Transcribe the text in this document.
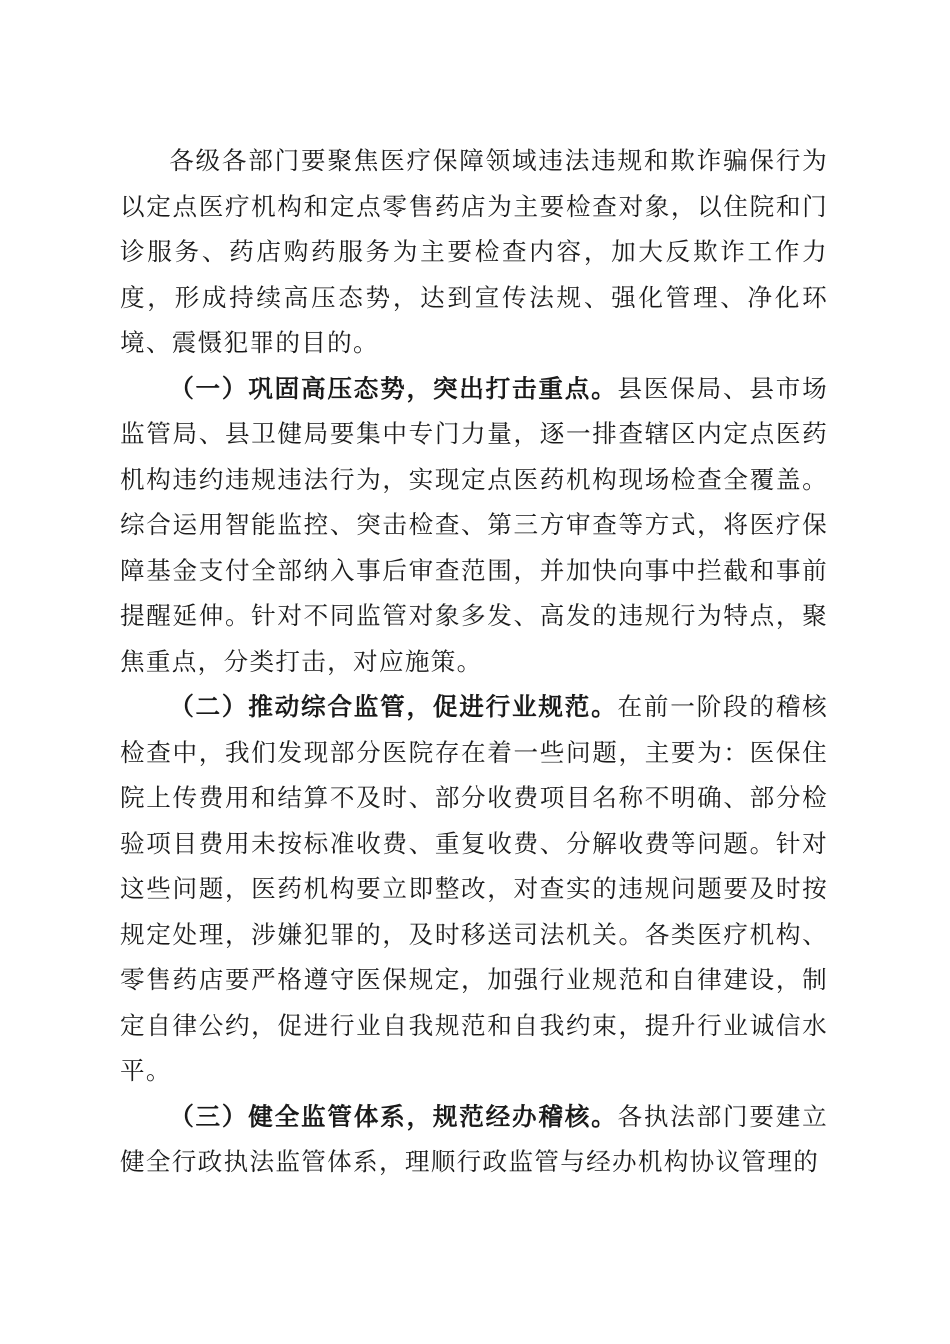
各级各部门要聚焦医疗保障领域违法违规和欺诈骗保行为以定点医疗机构和定点零售药店为主要检查对象，以住院和门诊服务、药店购药服务为主要检查内容，加大反欺诈工作力度，形成持续高压态势，达到宣传法规、强化管理、净化环境、震慑犯罪的目的。

（一）巩固高压态势，突出打击重点。县医保局、县市场监管局、县卫健局要集中专门力量，逐一排查辖区内定点医药机构违约违规违法行为，实现定点医药机构现场检查全覆盖。综合运用智能监控、突击检查、第三方审查等方式，将医疗保障基金支付全部纳入事后审查范围，并加快向事中拦截和事前提醒延伸。针对不同监管对象多发、高发的违规行为特点，聚焦重点，分类打击，对应施策。

（二）推动综合监管，促进行业规范。在前一阶段的稽核检查中，我们发现部分医院存在着一些问题，主要为：医保住院上传费用和结算不及时、部分收费项目名称不明确、部分检验项目费用未按标准收费、重复收费、分解收费等问题。针对这些问题，医药机构要立即整改，对查实的违规问题要及时按规定处理，涉嫌犯罪的，及时移送司法机关。各类医疗机构、零售药店要严格遵守医保规定，加强行业规范和自律建设，制定自律公约，促进行业自我规范和自我约束，提升行业诚信水平。

（三）健全监管体系，规范经办稽核。各执法部门要建立健全行政执法监管体系，理顺行政监管与经办机构协议管理的
